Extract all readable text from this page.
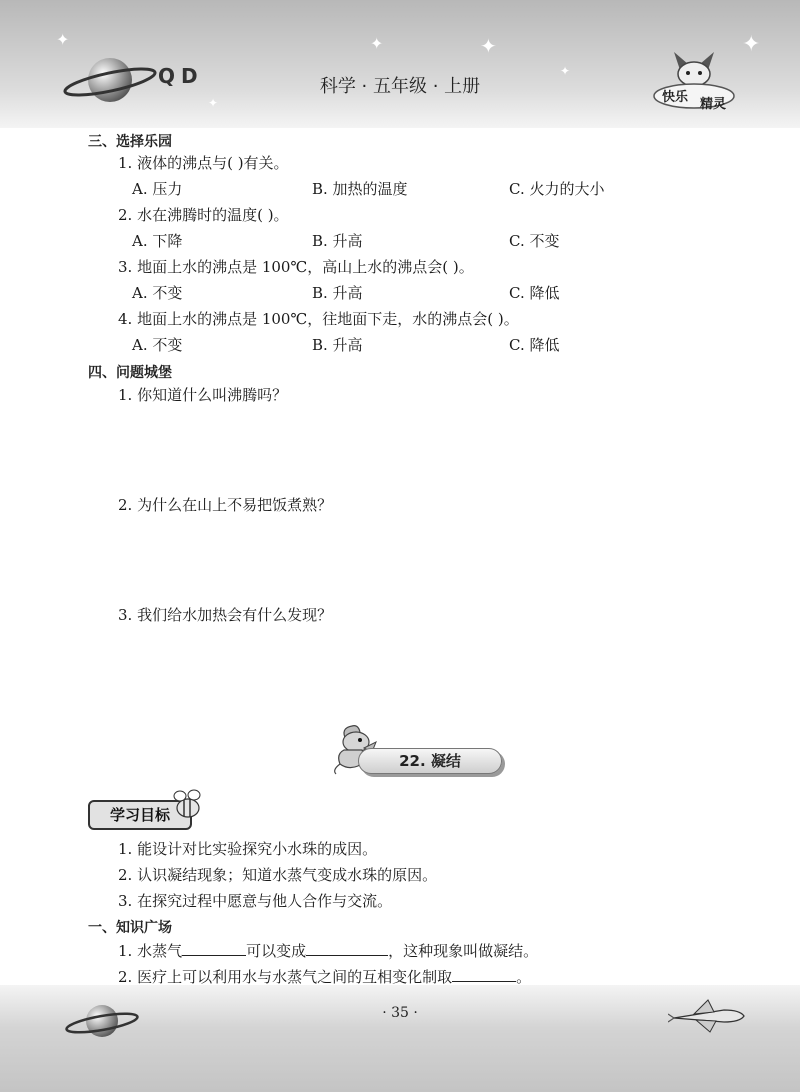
✦	✦	✦
✦
✦
✦
QD	科学 · 五年级 · 上册
快乐 精灵
三、选择乐园
1. 液体的沸点与( )有关。
A. 压力	B. 加热的温度	C. 火力的大小
2. 水在沸腾时的温度( )。
A. 下降	B. 升高	C. 不变
3. 地面上水的沸点是 100℃，高山上水的沸点会( )。
A. 不变	B. 升高	C. 降低
4. 地面上水的沸点是 100℃，往地面下走，水的沸点会( )。
A. 不变	B. 升高	C. 降低
四、问题城堡
1. 你知道什么叫沸腾吗？
2. 为什么在山上不易把饭煮熟？
3. 我们给水加热会有什么发现？
22. 凝结
学习目标
1. 能设计对比实验探究小水珠的成因。
2. 认识凝结现象；知道水蒸气变成水珠的原因。
3. 在探究过程中愿意与他人合作与交流。
一、知识广场
1. 水蒸气	可以变成	，这种现象叫做凝结。
2. 医疗上可以利用水与水蒸气之间的互相变化制取	。
· 35 ·
